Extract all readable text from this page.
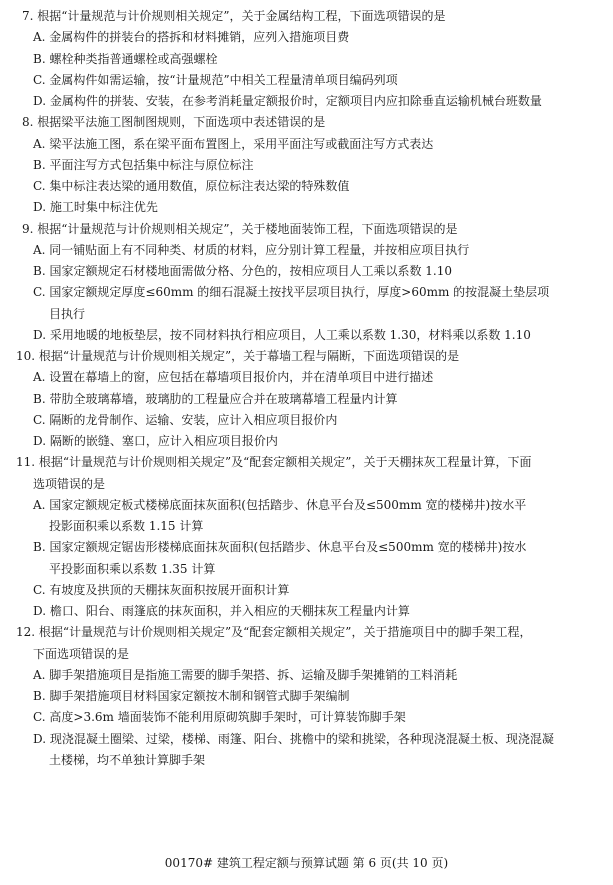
7. 根据“计量规范与计价规则相关规定”，关于金属结构工程，下面选项错误的是
A. 金属构件的拼装台的搭拆和材料摊销，应列入措施项目费
B. 螺栓种类指普通螺栓或高强螺栓
C. 金属构件如需运输，按“计量规范”中相关工程量清单项目编码列项
D. 金属构件的拼装、安装，在参考消耗量定额报价时，定额项目内应扣除垂直运输机械台班数量
8. 根据梁平法施工图制图规则，下面选项中表述错误的是
A. 梁平法施工图，系在梁平面布置图上，采用平面注写或截面注写方式表达
B. 平面注写方式包括集中标注与原位标注
C. 集中标注表达梁的通用数值，原位标注表达梁的特殊数值
D. 施工时集中标注优先
9. 根据“计量规范与计价规则相关规定”，关于楼地面装饰工程，下面选项错误的是
A. 同一铺贴面上有不同种类、材质的材料，应分别计算工程量，并按相应项目执行
B. 国家定额规定石材楼地面需做分格、分色的，按相应项目人工乘以系数 1.10
C. 国家定额规定厚度≤60mm 的细石混凝土按找平层项目执行，厚度>60mm 的按混凝土垫层项
目执行
D. 采用地暖的地板垫层，按不同材料执行相应项目，人工乘以系数 1.30，材料乘以系数 1.10
10. 根据“计量规范与计价规则相关规定”，关于幕墙工程与隔断，下面选项错误的是
A. 设置在幕墙上的窗，应包括在幕墙项目报价内，并在清单项目中进行描述
B. 带肋全玻璃幕墙，玻璃肋的工程量应合并在玻璃幕墙工程量内计算
C. 隔断的龙骨制作、运输、安装，应计入相应项目报价内
D. 隔断的嵌缝、塞口，应计入相应项目报价内
11. 根据“计量规范与计价规则相关规定”及“配套定额相关规定”，关于天棚抹灰工程量计算，下面
选项错误的是
A. 国家定额规定板式楼梯底面抹灰面积(包括踏步、休息平台及≤500mm 宽的楼梯井)按水平
投影面积乘以系数 1.15 计算
B. 国家定额规定锯齿形楼梯底面抹灰面积(包括踏步、休息平台及≤500mm 宽的楼梯井)按水
平投影面积乘以系数 1.35 计算
C. 有坡度及拱顶的天棚抹灰面积按展开面积计算
D. 檐口、阳台、雨篷底的抹灰面积，并入相应的天棚抹灰工程量内计算
12. 根据“计量规范与计价规则相关规定”及“配套定额相关规定”，关于措施项目中的脚手架工程，
下面选项错误的是
A. 脚手架措施项目是指施工需要的脚手架搭、拆、运输及脚手架摊销的工料消耗
B. 脚手架措施项目材料国家定额按木制和钢管式脚手架编制
C. 高度>3.6m 墙面装饰不能利用原砌筑脚手架时，可计算装饰脚手架
D. 现浇混凝土圈梁、过梁，楼梯、雨篷、阳台、挑檐中的梁和挑梁，各种现浇混凝土板、现浇混凝
土楼梯，均不单独计算脚手架
00170# 建筑工程定额与预算试题 第 6 页(共 10 页)
